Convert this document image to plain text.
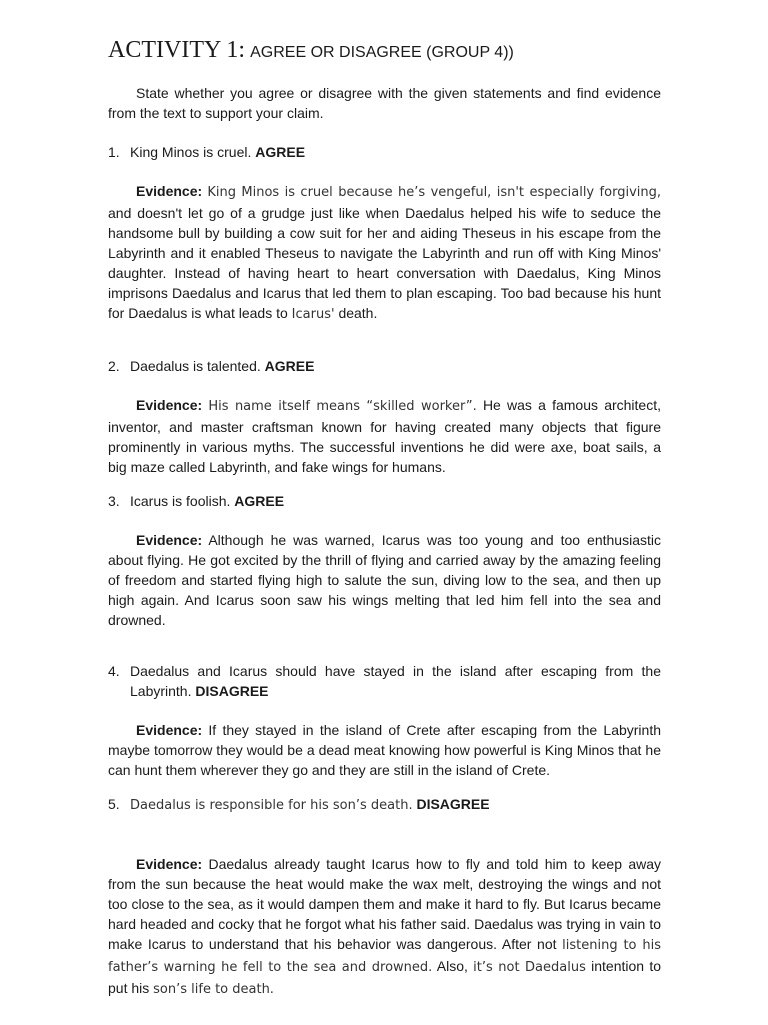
ACTIVITY 1: AGREE OR DISAGREE (GROUP 4))

State whether you agree or disagree with the given statements and find evidence from the text to support your claim.

1. King Minos is cruel. AGREE

Evidence: King Minos is cruel because he’s vengeful, isn't especially forgiving, and doesn't let go of a grudge just like when Daedalus helped his wife to seduce the handsome bull by building a cow suit for her and aiding Theseus in his escape from the Labyrinth and it enabled Theseus to navigate the Labyrinth and run off with King Minos' daughter. Instead of having heart to heart conversation with Daedalus, King Minos imprisons Daedalus and Icarus that led them to plan escaping. Too bad because his hunt for Daedalus is what leads to Icarus' death.

2. Daedalus is talented. AGREE

Evidence: His name itself means “skilled worker”. He was a famous architect, inventor, and master craftsman known for having created many objects that figure prominently in various myths. The successful inventions he did were axe, boat sails, a big maze called Labyrinth, and fake wings for humans.

3. Icarus is foolish. AGREE

Evidence: Although he was warned, Icarus was too young and too enthusiastic about flying. He got excited by the thrill of flying and carried away by the amazing feeling of freedom and started flying high to salute the sun, diving low to the sea, and then up high again. And Icarus soon saw his wings melting that led him fell into the sea and drowned.

4. Daedalus and Icarus should have stayed in the island after escaping from the Labyrinth. DISAGREE

Evidence: If they stayed in the island of Crete after escaping from the Labyrinth maybe tomorrow they would be a dead meat knowing how powerful is King Minos that he can hunt them wherever they go and they are still in the island of Crete.

5. Daedalus is responsible for his son’s death. DISAGREE

Evidence: Daedalus already taught Icarus how to fly and told him to keep away from the sun because the heat would make the wax melt, destroying the wings and not too close to the sea, as it would dampen them and make it hard to fly. But Icarus became hard headed and cocky that he forgot what his father said. Daedalus was trying in vain to make Icarus to understand that his behavior was dangerous. After not listening to his father’s warning he fell to the sea and drowned. Also, it’s not Daedalus intention to put his son’s life to death.
